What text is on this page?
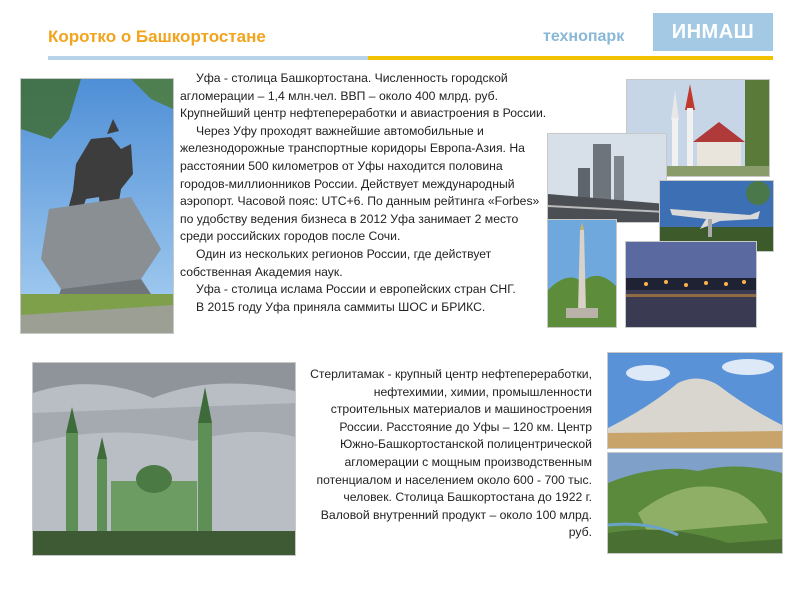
Коротко о Башкортостане	технопарк	ИНМАШ

Уфа - столица Башкортостана. Численность городской агломерации – 1,4 млн.чел. ВВП – около 400 млрд. руб. Крупнейший центр нефтепереработки и авиастроения в России.

Через Уфу проходят важнейшие автомобильные и железнодорожные транспортные коридоры Европа-Азия. На расстоянии 500 километров от Уфы находится половина городов-миллионников России. Действует международный аэропорт. Часовой пояс: UTC+6. По данным рейтинга «Forbes» по удобству ведения бизнеса в 2012 Уфа занимает 2 место среди российских городов после Сочи.

Один из нескольких регионов России, где действует собственная Академия наук.

Уфа - столица ислама России и европейских стран СНГ.

В 2015 году Уфа приняла саммиты ШОС и БРИКС.

Стерлитамак - крупный центр нефтепереработки, нефтехимии, химии, промышленности строительных материалов и машиностроения России. Расстояние до Уфы – 120 км. Центр Южно-Башкортостанской полицентрической агломерации с мощным производственным потенциалом и населением около 600 - 700 тыс. человек. Столица Башкортостана до 1922 г. Валовой внутренний продукт – около 100 млрд. руб.
